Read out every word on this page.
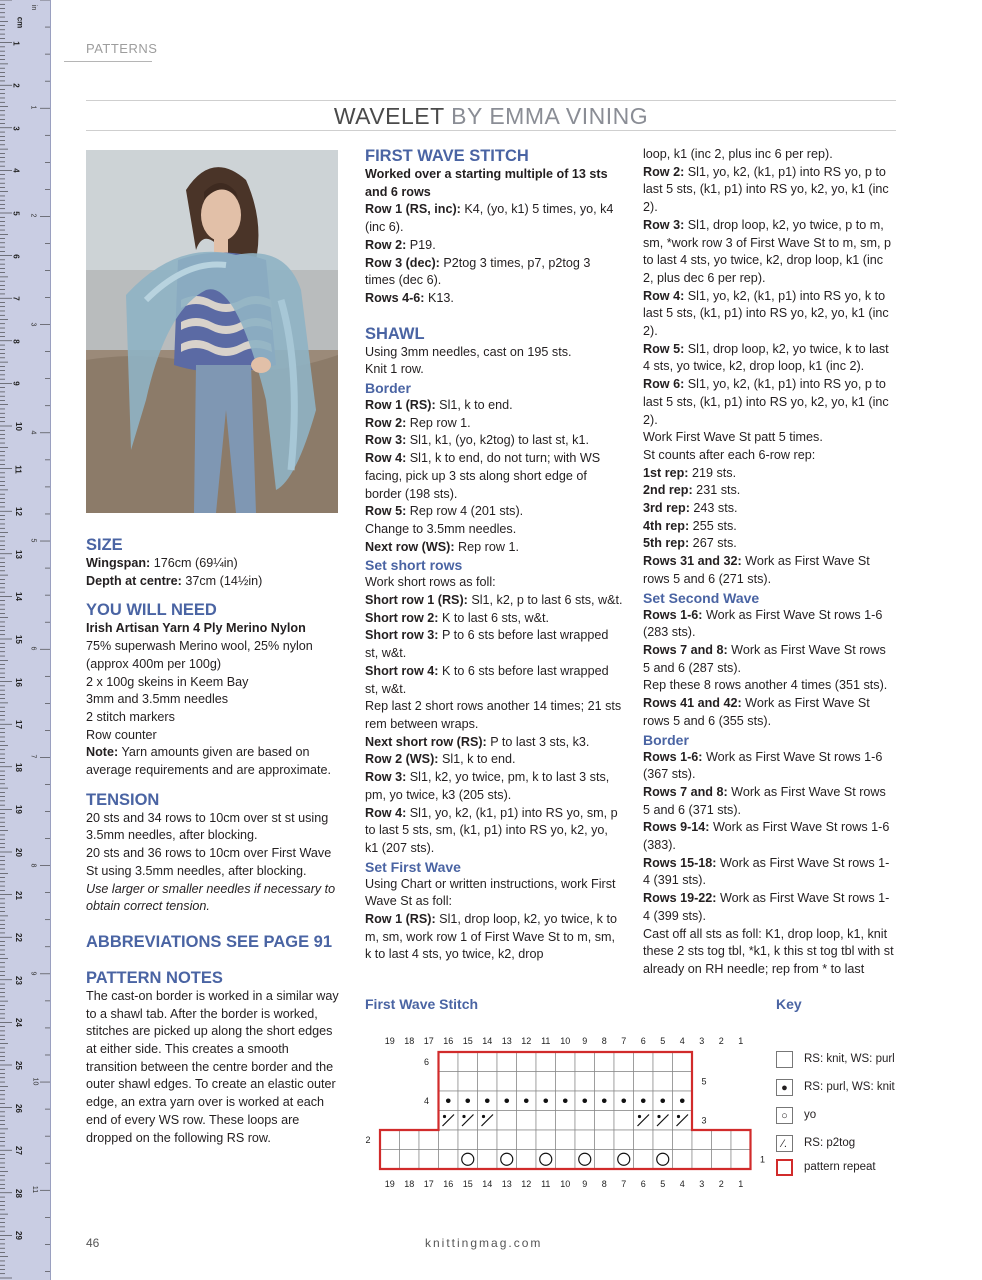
cm
in
1
2
3
4
5
6
7
8
9
10
11
12
13
14
15
16
17
18
19
20
21
22
23
24
25
26
27
28
29
1
2
3
4
5
6
7
8
9
10
11
PATTERNS
WAVELET BY EMMA VINING

SIZE

Wingspan: 176cm (69¼in)

Depth at centre: 37cm (14½in)

YOU WILL NEED

Irish Artisan Yarn 4 Ply Merino Nylon

75% superwash Merino wool, 25% nylon (approx 400m per 100g)

2 x 100g skeins in Keem Bay

3mm and 3.5mm needles

2 stitch markers

Row counter

Note: Yarn amounts given are based on average requirements and are approximate.

TENSION

20 sts and 34 rows to 10cm over st st using 3.5mm needles, after blocking.

20 sts and 36 rows to 10cm over First Wave St using 3.5mm needles, after blocking.

Use larger or smaller needles if necessary to obtain correct tension.

ABBREVIATIONS SEE PAGE 91

PATTERN NOTES

The cast-on border is worked in a similar way to a shawl tab. After the border is worked, stitches are picked up along the short edges at either side. This creates a smooth transition between the centre border and the outer shawl edges. To create an elastic outer edge, an extra yarn over is worked at each end of every WS row. These loops are dropped on the following RS row.

FIRST WAVE STITCH

Worked over a starting multiple of 13 sts and 6 rows

Row 1 (RS, inc): K4, (yo, k1) 5 times, yo, k4 (inc 6).

Row 2: P19.

Row 3 (dec): P2tog 3 times, p7, p2tog 3 times (dec 6).

Rows 4-6: K13.

SHAWL

Using 3mm needles, cast on 195 sts.

Knit 1 row.

Border

Row 1 (RS): Sl1, k to end.

Row 2: Rep row 1.

Row 3: Sl1, k1, (yo, k2tog) to last st, k1.

Row 4: Sl1, k to end, do not turn; with WS facing, pick up 3 sts along short edge of border (198 sts).

Row 5: Rep row 4 (201 sts).

Change to 3.5mm needles.

Next row (WS): Rep row 1.

Set short rows

Work short rows as foll:

Short row 1 (RS): Sl1, k2, p to last 6 sts, w&t.

Short row 2: K to last 6 sts, w&t.

Short row 3: P to 6 sts before last wrapped st, w&t.

Short row 4: K to 6 sts before last wrapped st, w&t.

Rep last 2 short rows another 14 times; 21 sts rem between wraps.

Next short row (RS): P to last 3 sts, k3.

Row 2 (WS): Sl1, k to end.

Row 3: Sl1, k2, yo twice, pm, k to last 3 sts, pm, yo twice, k3 (205 sts).

Row 4: Sl1, yo, k2, (k1, p1) into RS yo, sm, p to last 5 sts, sm, (k1, p1) into RS yo, k2, yo, k1 (207 sts).

Set First Wave

Using Chart or written instructions, work First Wave St as foll:

Row 1 (RS): Sl1, drop loop, k2, yo twice, k to m, sm, work row 1 of First Wave St to m, sm, k to last 4 sts, yo twice, k2, drop

loop, k1 (inc 2, plus inc 6 per rep).

Row 2: Sl1, yo, k2, (k1, p1) into RS yo, p to last 5 sts, (k1, p1) into RS yo, k2, yo, k1 (inc 2).

Row 3: Sl1, drop loop, k2, yo twice, p to m, sm, *work row 3 of First Wave St to m, sm, p to last 4 sts, yo twice, k2, drop loop, k1 (inc 2, plus dec 6 per rep).

Row 4: Sl1, yo, k2, (k1, p1) into RS yo, k to last 5 sts, (k1, p1) into RS yo, k2, yo, k1 (inc 2).

Row 5: Sl1, drop loop, k2, yo twice, k to last 4 sts, yo twice, k2, drop loop, k1 (inc 2).

Row 6: Sl1, yo, k2, (k1, p1) into RS yo, p to last 5 sts, (k1, p1) into RS yo, k2, yo, k1 (inc 2).

Work First Wave St patt 5 times.

St counts after each 6-row rep:

1st rep: 219 sts.

2nd rep: 231 sts.

3rd rep: 243 sts.

4th rep: 255 sts.

5th rep: 267 sts.

Rows 31 and 32: Work as First Wave St rows 5 and 6 (271 sts).

Set Second Wave

Rows 1-6: Work as First Wave St rows 1-6 (283 sts).

Rows 7 and 8: Work as First Wave St rows 5 and 6 (287 sts).

Rep these 8 rows another 4 times (351 sts).

Rows 41 and 42: Work as First Wave St rows 5 and 6 (355 sts).

Border

Rows 1-6: Work as First Wave St rows 1-6 (367 sts).

Rows 7 and 8: Work as First Wave St rows 5 and 6 (371 sts).

Rows 9-14: Work as First Wave St rows 1-6 (383).

Rows 15-18: Work as First Wave St rows 1-4 (391 sts).

Rows 19-22: Work as First Wave St rows 1-4 (399 sts).

Cast off all sts as foll: K1, drop loop, k1, knit these 2 sts tog tbl, *k1, k this st tog tbl with st already on RH needle; rep from * to last

First Wave Stitch
19
19
18
18
17
17
16
16
15
15
14
14
13
13
12
12
11
11
10
10
9
9
8
8
7
7
6
6
5
5
4
4
3
3
2
2
1
1
6
4
2
5
3
1
Key
RS: knit, WS: purl
●	RS: purl, WS: knit
○	yo
⁄.	RS: p2tog
pattern repeat
46	knittingmag.com
